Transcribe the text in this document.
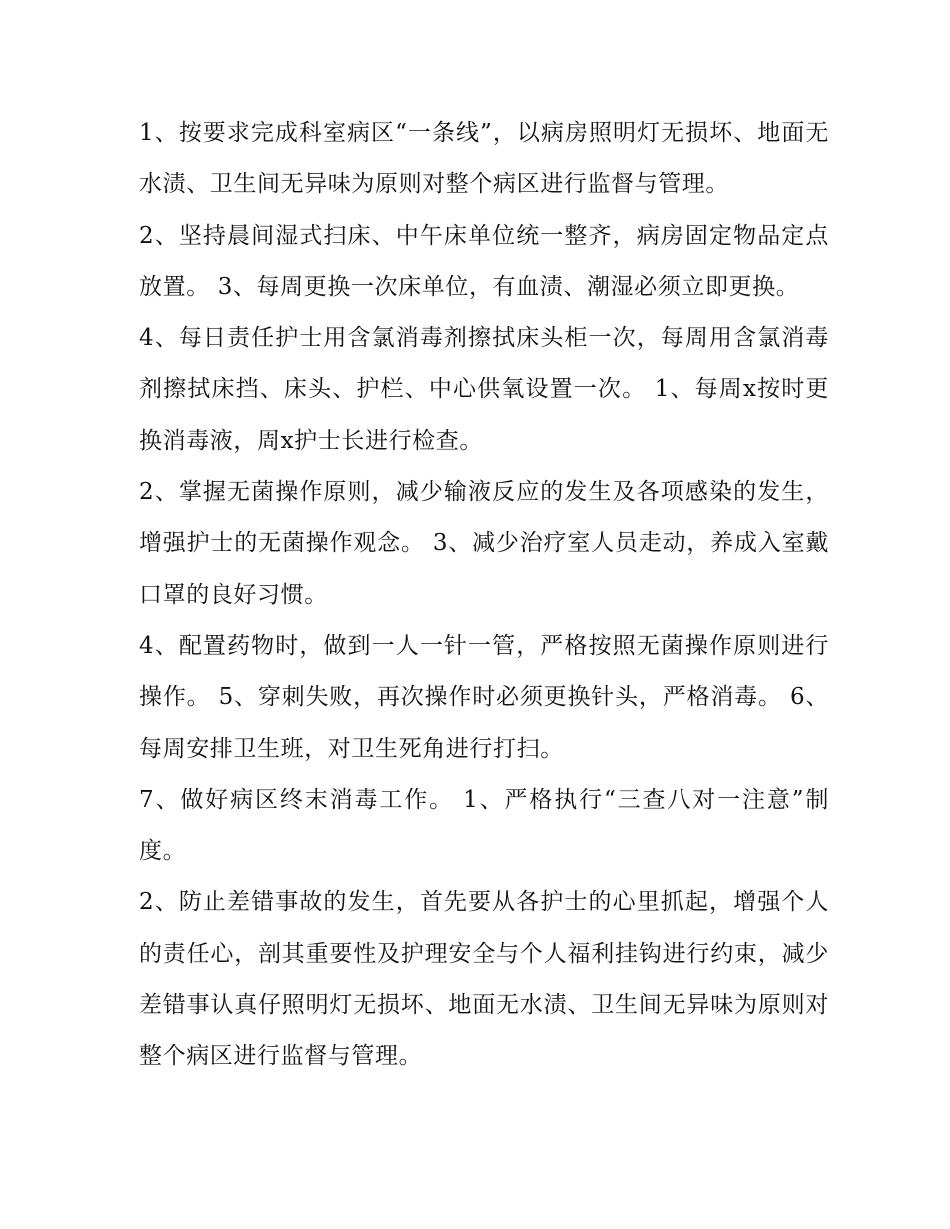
1、按要求完成科室病区“一条线”，以病房照明灯无损坏、地面无水渍、卫生间无异味为原则对整个病区进行监督与管理。

2、坚持晨间湿式扫床、中午床单位统一整齐，病房固定物品定点放置。 3、每周更换一次床单位，有血渍、潮湿必须立即更换。

4、每日责任护士用含氯消毒剂擦拭床头柜一次，每周用含氯消毒剂擦拭床挡、床头、护栏、中心供氧设置一次。 1、每周x按时更换消毒液，周x护士长进行检查。

2、掌握无菌操作原则，减少输液反应的发生及各项感染的发生，增强护士的无菌操作观念。 3、减少治疗室人员走动，养成入室戴口罩的良好习惯。

4、配置药物时，做到一人一针一管，严格按照无菌操作原则进行操作。 5、穿刺失败，再次操作时必须更换针头，严格消毒。 6、每周安排卫生班，对卫生死角进行打扫。

7、做好病区终末消毒工作。 1、严格执行“三查八对一注意”制度。

2、防止差错事故的发生，首先要从各护士的心里抓起，增强个人的责任心，剖其重要性及护理安全与个人福利挂钩进行约束，减少差错事认真仔照明灯无损坏、地面无水渍、卫生间无异味为原则对整个病区进行监督与管理。
